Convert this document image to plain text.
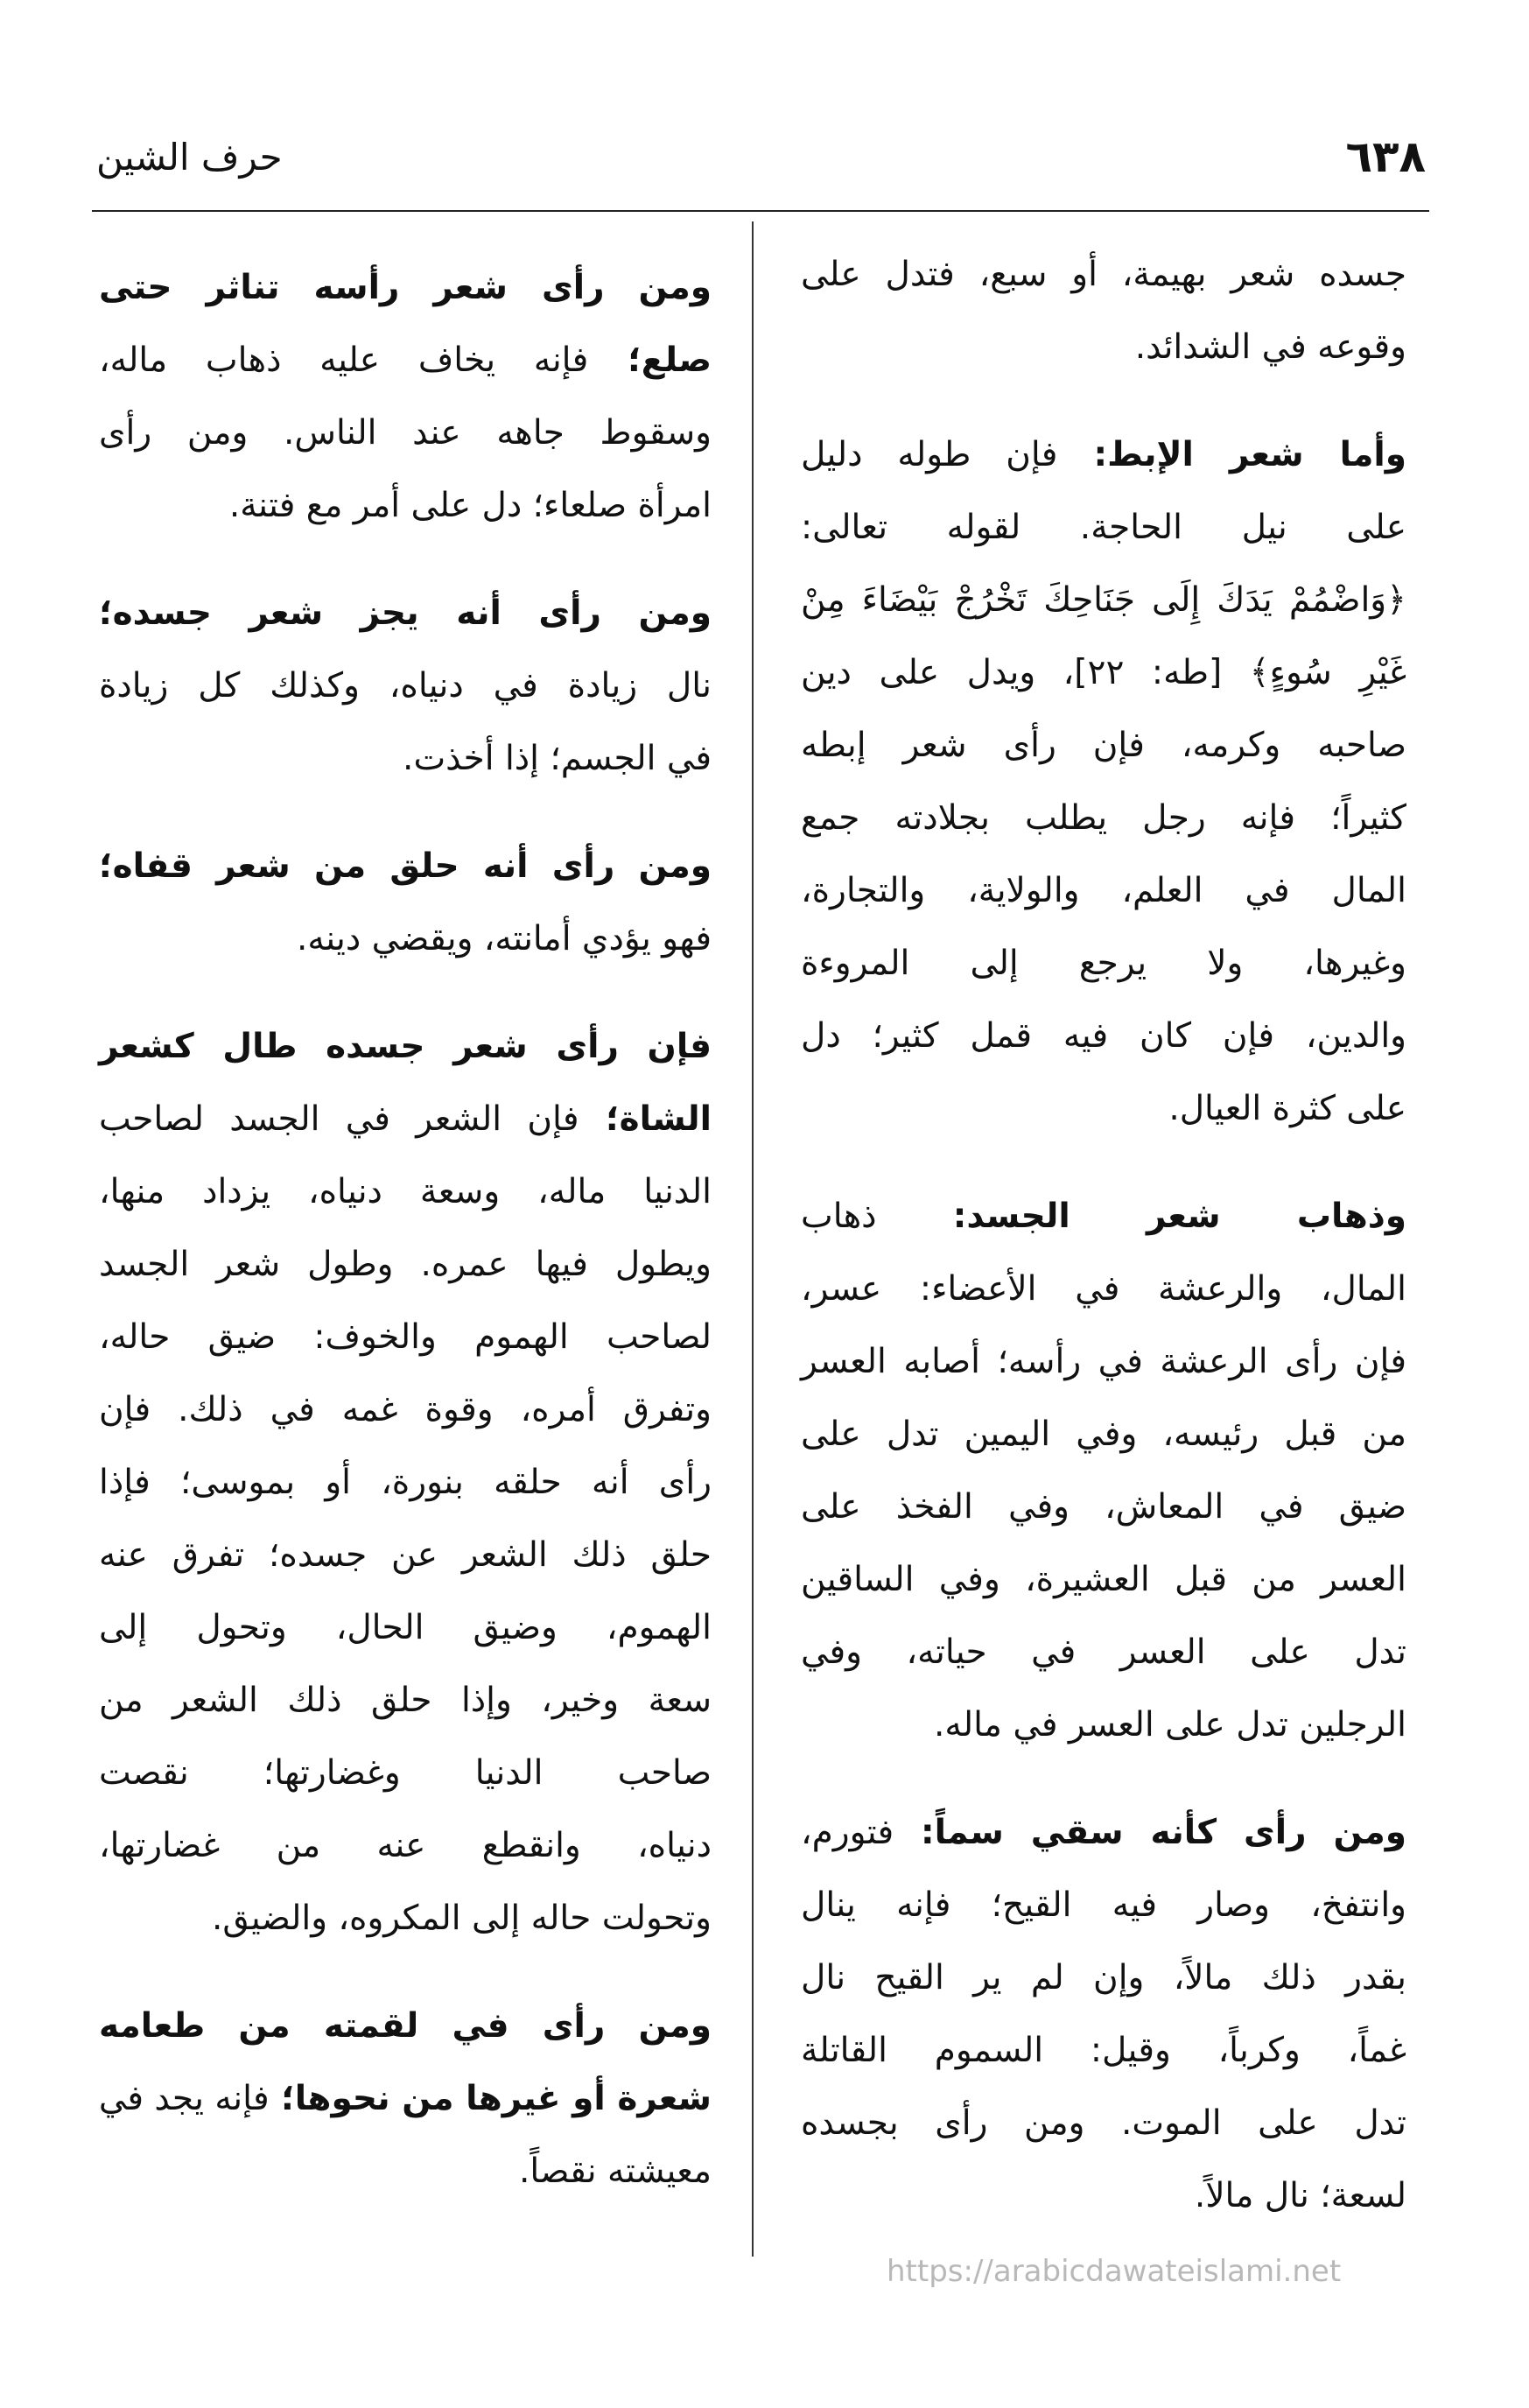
٦٣٨
حرف الشين
جسده شعر بهيمة، أو سبع، فتدل على
وقوعه في الشدائد.
وأما شعر الإبط: فإن طوله دليل
على نيل الحاجة. لقوله تعالى:
﴿وَاضْمُمْ يَدَكَ إِلَى جَنَاحِكَ تَخْرُجْ بَيْضَاءَ مِنْ
غَيْرِ سُوءٍ﴾ [طه: ٢٢]، ويدل على دين
صاحبه وكرمه، فإن رأى شعر إبطه
كثيراً؛ فإنه رجل يطلب بجلادته جمع
المال في العلم، والولاية، والتجارة،
وغيرها، ولا يرجع إلى المروءة
والدين، فإن كان فيه قمل كثير؛ دل
على كثرة العيال.
وذهاب شعر الجسد: ذهاب
المال، والرعشة في الأعضاء: عسر،
فإن رأى الرعشة في رأسه؛ أصابه العسر
من قبل رئيسه، وفي اليمين تدل على
ضيق في المعاش، وفي الفخذ على
العسر من قبل العشيرة، وفي الساقين
تدل على العسر في حياته، وفي
الرجلين تدل على العسر في ماله.
ومن رأى كأنه سقي سماً: فتورم،
وانتفخ، وصار فيه القيح؛ فإنه ينال
بقدر ذلك مالاً، وإن لم ير القيح نال
غماً، وكرباً، وقيل: السموم القاتلة
تدل على الموت. ومن رأى بجسده
لسعة؛ نال مالاً.
ومن رأى شعر رأسه تناثر حتى
صلع؛ فإنه يخاف عليه ذهاب ماله،
وسقوط جاهه عند الناس. ومن رأى
امرأة صلعاء؛ دل على أمر مع فتنة.
ومن رأى أنه يجز شعر جسده؛
نال زيادة في دنياه، وكذلك كل زيادة
في الجسم؛ إذا أخذت.
ومن رأى أنه حلق من شعر قفاه؛
فهو يؤدي أمانته، ويقضي دينه.
فإن رأى شعر جسده طال كشعر
الشاة؛ فإن الشعر في الجسد لصاحب
الدنيا ماله، وسعة دنياه، يزداد منها،
ويطول فيها عمره. وطول شعر الجسد
لصاحب الهموم والخوف: ضيق حاله،
وتفرق أمره، وقوة غمه في ذلك. فإن
رأى أنه حلقه بنورة، أو بموسى؛ فإذا
حلق ذلك الشعر عن جسده؛ تفرق عنه
الهموم، وضيق الحال، وتحول إلى
سعة وخير، وإذا حلق ذلك الشعر من
صاحب الدنيا وغضارتها؛ نقصت
دنياه، وانقطع عنه من غضارتها،
وتحولت حاله إلى المكروه، والضيق.
ومن رأى في لقمته من طعامه
شعرة أو غيرها من نحوها؛ فإنه يجد في
معيشته نقصاً.
https://arabicdawateislami.net
